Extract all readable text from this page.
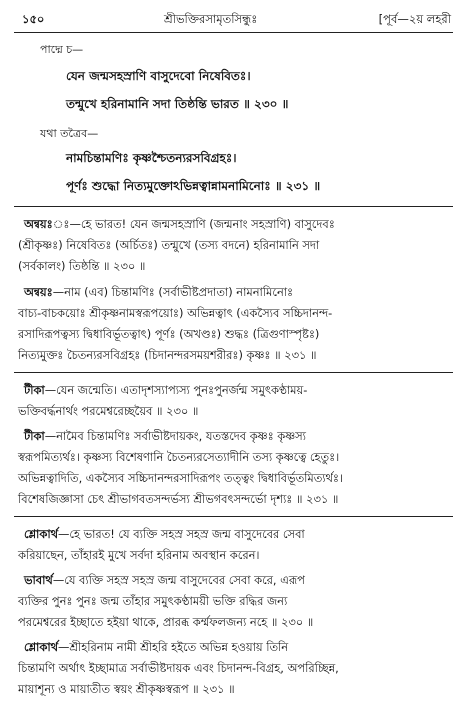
১৫০	শ্রীভক্তিরসামৃতসিন্ধুঃ	[পূর্ব—২য় লহরী
পাদ্মে চ—
যেন জন্মসহস্রাণি বাসুদেবো নিষেবিতঃ।
তন্মুখে হরিনামানি সদা তিষ্ঠন্তি ভারত ॥ ২৩০ ॥
যথা তত্রৈব—
নামচিন্তামণিঃ কৃষ্ণশ্চৈতন্যরসবিগ্রহঃ।
পূর্ণঃ শুদ্ধো নিত্যমুক্তোঽভিন্নত্বান্নামনামিনোঃ ॥ ২৩১ ॥
অন্বয়ঃঃ—হে ভারত! যেন জন্মসহস্রাণি (জন্মনাং সহস্রাণি) বাসুদেবঃ
(শ্রীকৃষ্ণঃ) নিষেবিতঃ (অর্চিতঃ) তন্মুখে (তস্য বদনে) হরিনামানি সদা
(সর্বকালং) তিষ্ঠন্তি ॥ ২৩০ ॥
অন্বয়ঃ—নাম (এব) চিন্তামণিঃ (সর্বাভীষ্টপ্রদাতা) নামনামিনোঃ
বাচ্য-বাচকয়োঃ শ্রীকৃষ্ণনামস্বরূপয়োঃ) অভিন্নত্বাৎ (একস্যৈব সচ্চিদানন্দ-
রসাদিরূপত্বস্য দ্বিধাবির্ভূতত্বাৎ) পূর্ণঃ (অখণ্ডঃ) শুদ্ধঃ (ত্রিগুণাস্পৃষ্টঃ)
নিত্যমুক্তঃ চৈতন্যরসবিগ্রহঃ (চিদানন্দরসময়শরীরঃ) কৃষ্ণঃ ॥ ২৩১ ॥
টীকা—যেন জন্মেতি। এতাদৃশস্যাপ্যস্য পুনঃপুনর্জন্ম সমুৎকণ্ঠাময়-
ভক্তিবর্দ্ধনার্থং পরমেশ্বরেচ্ছয়ৈব ॥ ২৩০ ॥
টীকা—নামৈব চিন্তামণিঃ সর্বাভীষ্টদায়কং, যতস্তদেব কৃষ্ণঃ কৃষ্ণস্য
স্বরূপমিত্যর্থঃ। কৃষ্ণস্য বিশেষণানি চৈতন্যরসেত্যাদীনি তস্য কৃষ্ণত্বে হেতুঃ।
অভিন্নত্বাদিতি, একস্যৈব সচ্চিদানন্দরসাদিরূপং তত্ত্বং দ্বিধাবির্ভূতমিত্যর্থঃ।
বিশেষজিজ্ঞাসা চেৎ শ্রীভাগবতসন্দর্ভস্য শ্রীভগবৎসন্দর্ভো দৃশ্যঃ ॥ ২৩১ ॥
শ্লোকার্থ—হে ভারত! যে ব্যক্তি সহস্র সহস্র জন্ম বাসুদেবের সেবা
করিয়াছেন, তাঁহারই মুখে সর্বদা হরিনাম অবস্থান করেন।
ভাবার্থ—যে ব্যক্তি সহস্র সহস্র জন্ম বাসুদেবের সেবা করে, এরূপ
ব্যক্তির পুনঃ পুনঃ জন্ম তাঁহার সমুৎকণ্ঠাময়ী ভক্তি রদ্ধির জন্য
পরমেশ্বরের ইচ্ছাতে হইয়া থাকে, প্রারব্ধ কর্ম্মফলজন্য নহে ॥ ২৩০ ॥
শ্লোকার্থ—শ্রীহরিনাম নামী শ্রীহরি হইতে অভিন্ন হওয়ায় তিনি
চিন্তামণি অর্থাৎ ইচ্ছামাত্র সর্বাভীষ্টদায়ক এবং চিদানন্দ-বিগ্রহ, অপরিচ্ছিন্ন,
মায়াশূন্য ও মায়াতীত স্বয়ং শ্রীকৃষ্ণস্বরূপ ॥ ২৩১ ॥
